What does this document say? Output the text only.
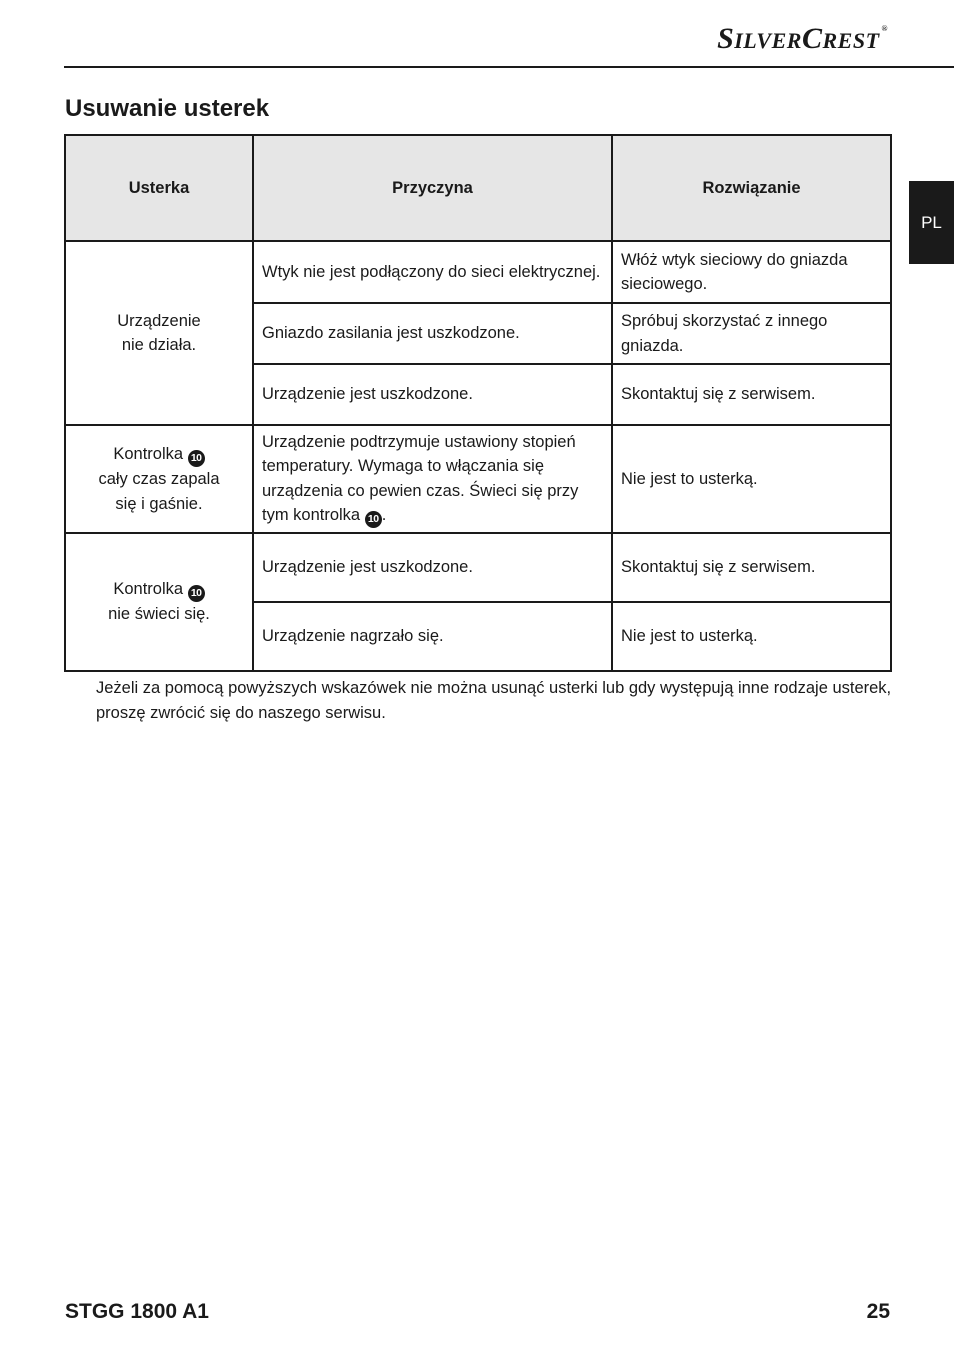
SILVERCREST ®
PL
Usuwanie usterek
Usterka	Przyczyna	Rozwiązanie
Urządzenie
nie działa.	Wtyk nie jest podłączony do sieci elektrycznej.	Włóż wtyk sieciowy do gniazda sieciowego.
	Gniazdo zasilania jest uszkodzone.	Spróbuj skorzystać z innego gniazda.
	Urządzenie jest uszkodzone.	Skontaktuj się z serwisem.
Kontrolka 10
cały czas zapala
się i gaśnie.	Urządzenie podtrzymuje ustawiony stopień temperatury. Wymaga to włączania się urządzenia co pewien czas. Świeci się przy tym kontrolka 10 .	Nie jest to usterką.
Kontrolka 10
nie świeci się.	Urządzenie jest uszkodzone.	Skontaktuj się z serwisem.
	Urządzenie nagrzało się.	Nie jest to usterką.

Jeżeli za pomocą powyższych wskazówek nie można usunąć usterki lub gdy występują inne rodzaje usterek, proszę zwrócić się do naszego serwisu.

STGG 1800 A1	25
